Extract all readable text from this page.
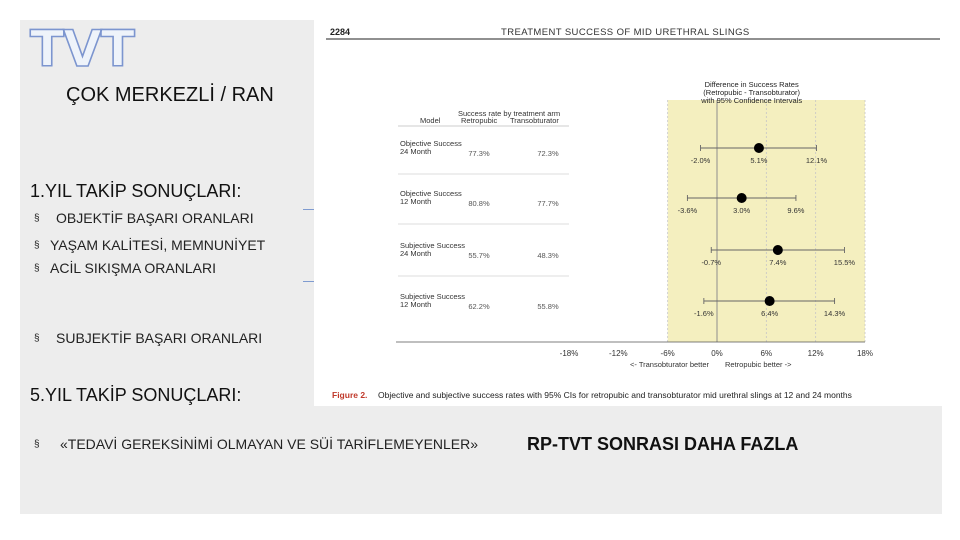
TVT
ÇOK MERKEZLİ / RAN
1.YIL TAKİP SONUÇLARI:
§ OBJEKTİF BAŞARI ORANLARI
§ YAŞAM KALİTESİ, MEMNUNİYET
§ ACİL SIKIŞMA ORANLARI
§ SUBJEKTİF BAŞARI ORANLARI
5.YIL TAKİP SONUÇLARI:
§ «TEDAVİ GEREKSİNİMİ OLMAYAN VE SÜİ TARİFLEMEYENLER»	RP-TVT SONRASI DAHA FAZLA
2284	TREATMENT SUCCESS OF MID URETHRAL SLINGS
Success rate by treatment arm
Model	Retropubic Transobturator
-18%	-12%	-6%	0%	6%	12%	18%
<- Transobturator better Retropubic better ->
Difference in Success Rates
(Retropubic - Transobturator)
with 95% Confidence Intervals
Objective Success
24 Month	77.3%	72.3%
-2.0%	5.1%	12.1%
Objective Success
12 Month	80.8%	77.7%
-3.6%	3.0%	9.6%
Subjective Success
24 Month	55.7%	48.3%
-0.7%	7.4%	15.5%
Subjective Success
12 Month	62.2%	55.8%
-1.6%	6.4%	14.3%
Figure 2. Objective and subjective success rates with 95% CIs for retropubic and transobturator mid urethral slings at 12 and 24 months
